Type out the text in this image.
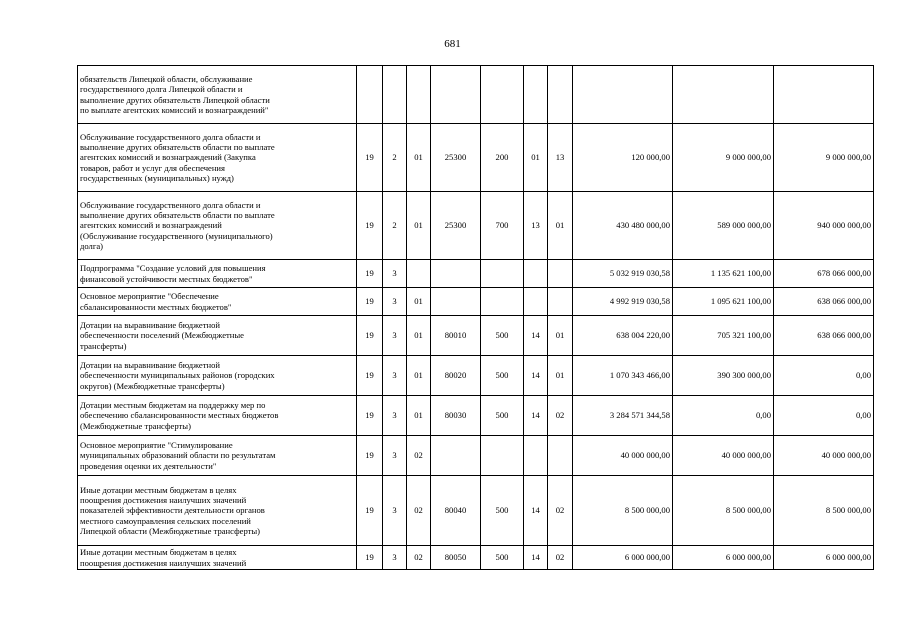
681
обязательств Липецкой области, обслуживание
государственного долга Липецкой области и
выполнение других обязательств Липецкой области
по выплате агентских комиссий и вознаграждений"										
Обслуживание государственного долга области и
выполнение других обязательств области по выплате
агентских комиссий и вознаграждений (Закупка
товаров, работ и услуг для обеспечения
государственных (муниципальных) нужд)	19	2	01	25300	200	01	13	120 000,00	9 000 000,00	9 000 000,00
Обслуживание государственного долга области и
выполнение других обязательств области по выплате
агентских комиссий и вознаграждений
(Обслуживание государственного (муниципального)
долга)	19	2	01	25300	700	13	01	430 480 000,00	589 000 000,00	940 000 000,00
Подпрограмма "Создание условий для повышения
финансовой устойчивости местных бюджетов"	19	3						5 032 919 030,58	1 135 621 100,00	678 066 000,00
Основное мероприятие "Обеспечение
сбалансированности местных бюджетов"	19	3	01					4 992 919 030,58	1 095 621 100,00	638 066 000,00
Дотации на выравнивание бюджетной
обеспеченности поселений (Межбюджетные
трансферты)	19	3	01	80010	500	14	01	638 004 220,00	705 321 100,00	638 066 000,00
Дотации на выравнивание бюджетной
обеспеченности муниципальных районов (городских
округов) (Межбюджетные трансферты)	19	3	01	80020	500	14	01	1 070 343 466,00	390 300 000,00	0,00
Дотации местным бюджетам на поддержку мер по
обеспечению сбалансированности местных бюджетов
(Межбюджетные трансферты)	19	3	01	80030	500	14	02	3 284 571 344,58	0,00	0,00
Основное мероприятие "Стимулирование
муниципальных образований области по результатам
проведения оценки их деятельности"	19	3	02					40 000 000,00	40 000 000,00	40 000 000,00
Иные дотации местным бюджетам в целях
поощрения достижения наилучших значений
показателей эффективности деятельности органов
местного самоуправления сельских поселений
Липецкой области (Межбюджетные трансферты)	19	3	02	80040	500	14	02	8 500 000,00	8 500 000,00	8 500 000,00
Иные дотации местным бюджетам в целях
поощрения достижения наилучших значений	19	3	02	80050	500	14	02	6 000 000,00	6 000 000,00	6 000 000,00
